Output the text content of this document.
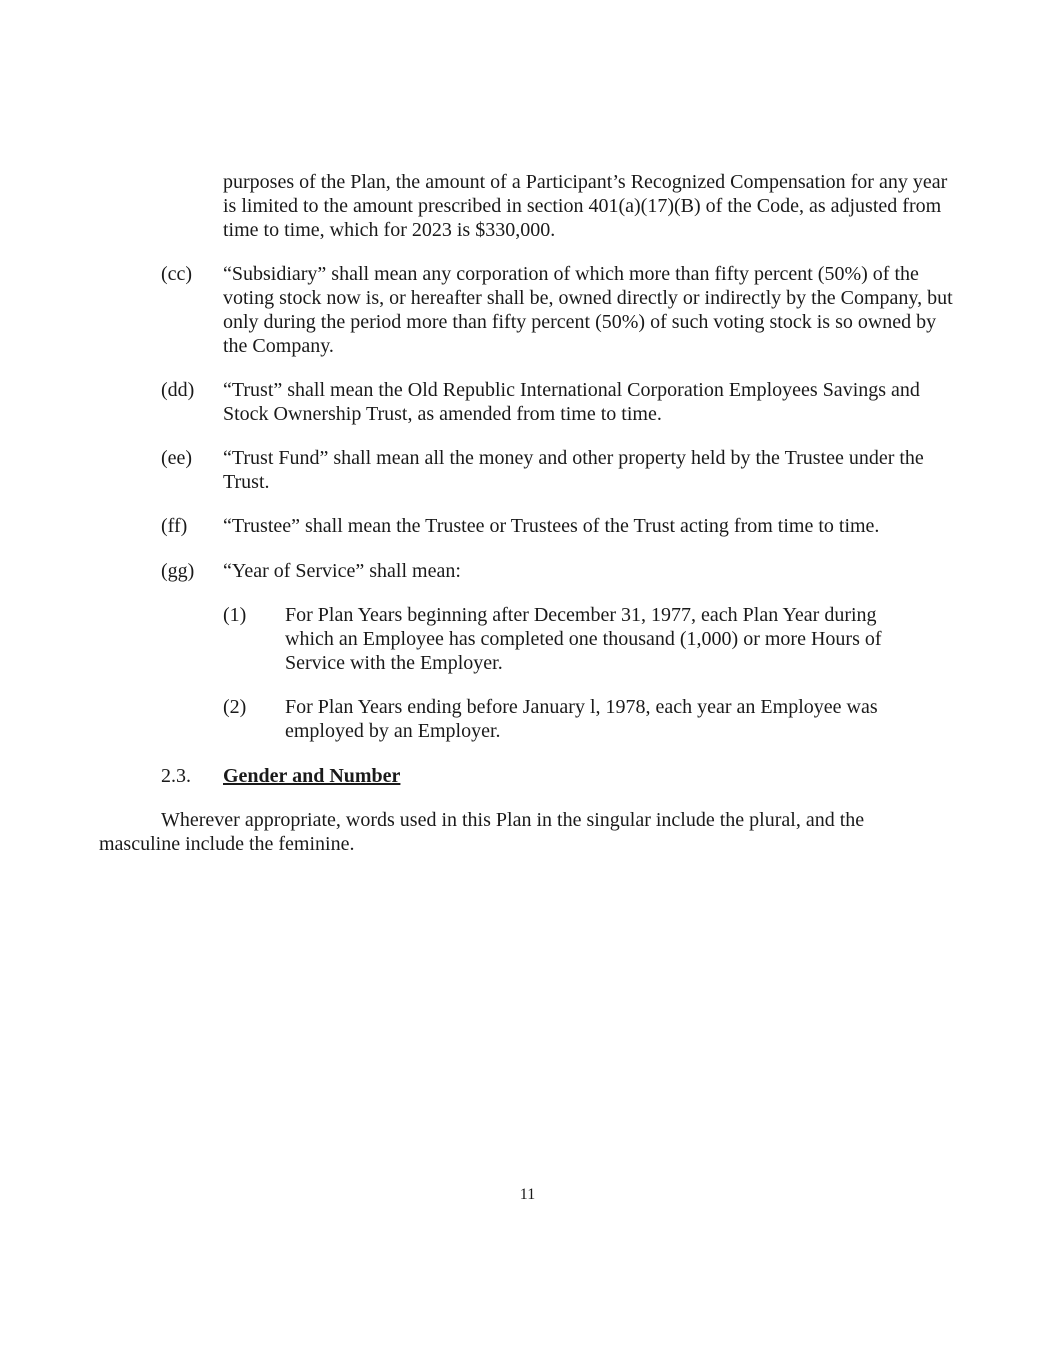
purposes of the Plan, the amount of a Participant’s Recognized Compensation for any year is limited to the amount prescribed in section 401(a)(17)(B) of the Code, as adjusted from time to time, which for 2023 is $330,000.

(cc) “Subsidiary” shall mean any corporation of which more than fifty percent (50%) of the voting stock now is, or hereafter shall be, owned directly or indirectly by the Company, but only during the period more than fifty percent (50%) of such voting stock is so owned by the Company.

(dd) “Trust” shall mean the Old Republic International Corporation Employees Savings and Stock Ownership Trust, as amended from time to time.

(ee) “Trust Fund” shall mean all the money and other property held by the Trustee under the Trust.

(ff) “Trustee” shall mean the Trustee or Trustees of the Trust acting from time to time.

(gg) “Year of Service” shall mean:

(1) For Plan Years beginning after December 31, 1977, each Plan Year during which an Employee has completed one thousand (1,000) or more Hours of Service with the Employer.

(2) For Plan Years ending before January l, 1978, each year an Employee was employed by an Employer.

2.3. Gender and Number

Wherever appropriate, words used in this Plan in the singular include the plural, and the masculine include the feminine.

11
